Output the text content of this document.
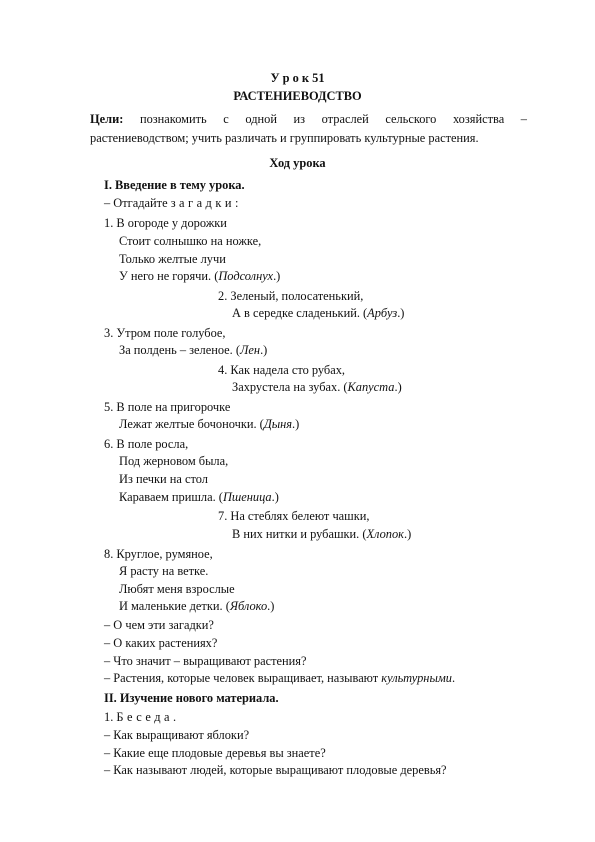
У р о к 51
РАСТЕНИЕВОДСТВО
Цели: познакомить с одной из отраслей сельского хозяйства –
растениеводством; учить различать и группировать культурные растения.
Ход урока
I. Введение в тему урока.
– Отгадайте загадки:
1. В огороде у дорожки
Стоит солнышко на ножке,
Только желтые лучи
У него не горячи. (Подсолнух.)
2. Зеленый, полосатенький,
А в середке сладенький. (Арбуз.)
3. Утром поле голубое,
За полдень – зеленое. (Лен.)
4. Как надела сто рубах,
Захрустела на зубах. (Капуста.)
5. В поле на пригорочке
Лежат желтые бочоночки. (Дыня.)
6. В поле росла,
Под жерновом была,
Из печки на стол
Караваем пришла. (Пшеница.)
7. На стеблях белеют чашки,
В них нитки и рубашки. (Хлопок.)
8. Круглое, румяное,
Я расту на ветке.
Любят меня взрослые
И маленькие детки. (Яблоко.)
– О чем эти загадки?
– О каких растениях?
– Что значит – выращивают растения?
– Растения, которые человек выращивает, называют культурными.
II. Изучение нового материала.
1. Беседа.
– Как выращивают яблоки?
– Какие еще плодовые деревья вы знаете?
– Как называют людей, которые выращивают плодовые деревья?
